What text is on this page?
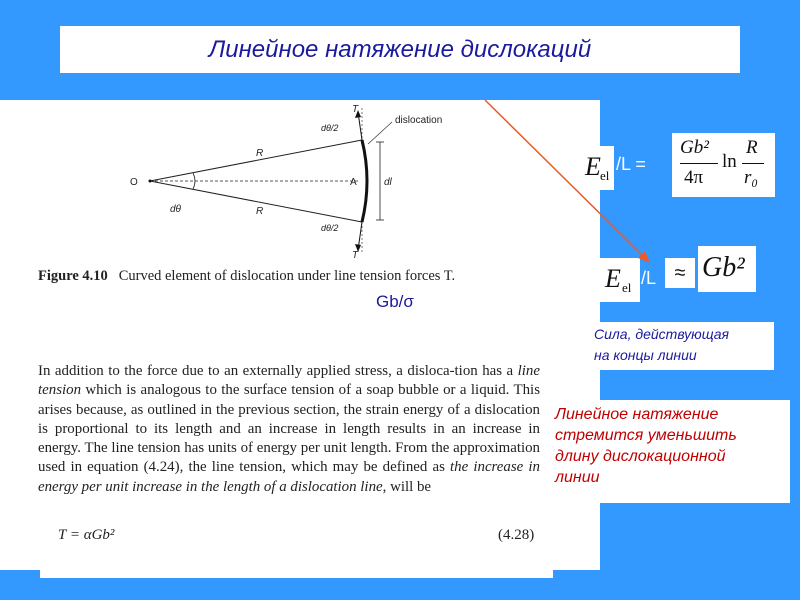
Линейное натяжение дислокаций
T
dθ/2
dislocation
R
O	A	dl
dθ	R
dθ/2
T
Figure 4.10 Curved element of dislocation under line tension forces T.
Gb/σ
In addition to the force due to an externally applied stress, a disloca-tion has a line tension which is analogous to the surface tension of a soap bubble or a liquid. This arises because, as outlined in the previous section, the strain energy of a dislocation is proportional to its length and an increase in length results in an increase in energy. The line tension has units of energy per unit length. From the approximation used in equation (4.24), the line tension, which may be defined as the increase in energy per unit increase in the length of a dislocation line, will be
T = αGb²	(4.28)
E el
/L =
Gb²
4π
ln
R
r₀
E el /L ≈ Gb²
Сила, действующая
на концы линии
Линейное натяжение
стремится уменьшить
длину дислокационной
линии
